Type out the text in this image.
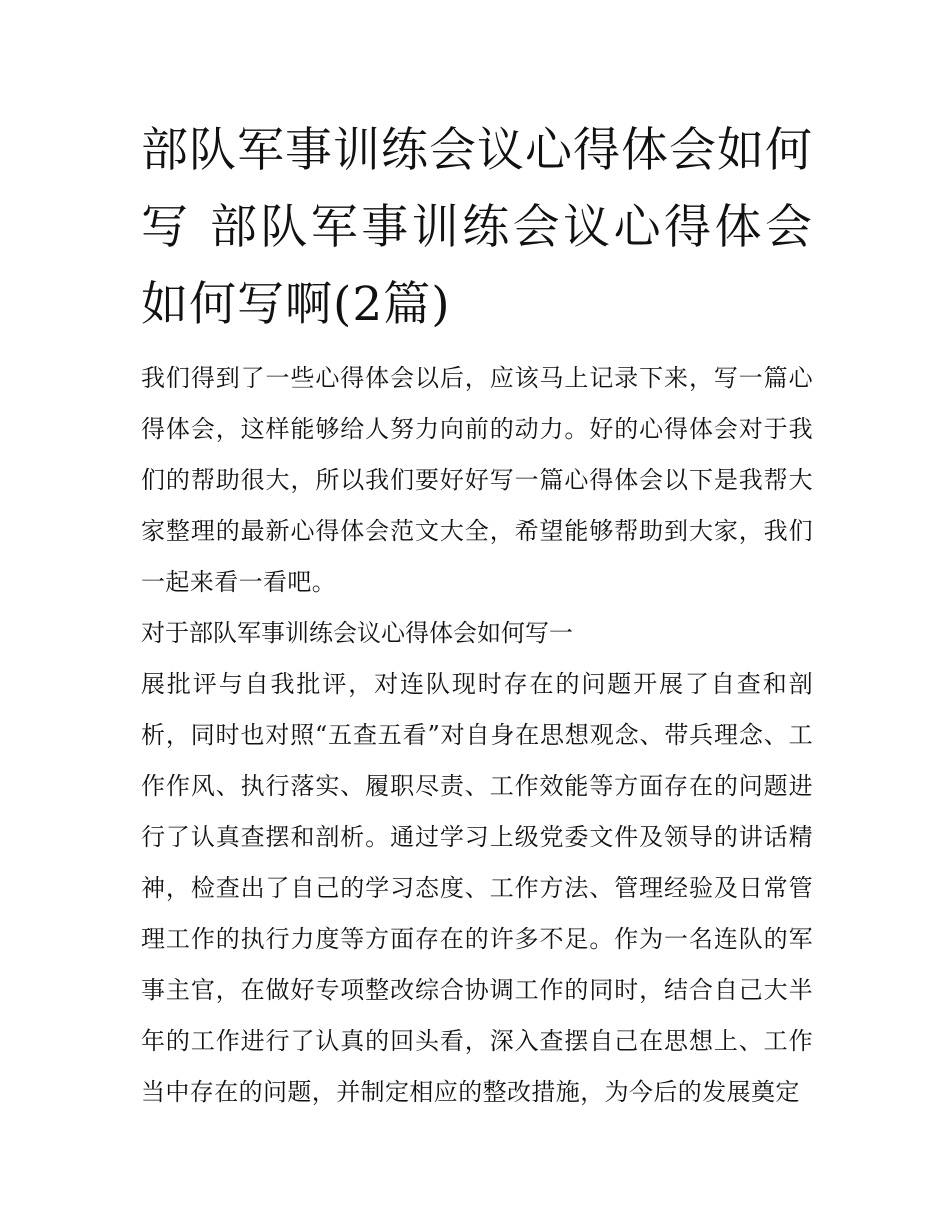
部队军事训练会议心得体会如何写 部队军事训练会议心得体会如何写啊(2篇)

我们得到了一些心得体会以后，应该马上记录下来，写一篇心得体会，这样能够给人努力向前的动力。好的心得体会对于我们的帮助很大，所以我们要好好写一篇心得体会以下是我帮大家整理的最新心得体会范文大全，希望能够帮助到大家，我们一起来看一看吧。

对于部队军事训练会议心得体会如何写一

展批评与自我批评，对连队现时存在的问题开展了自查和剖析，同时也对照“五查五看”对自身在思想观念、带兵理念、工作作风、执行落实、履职尽责、工作效能等方面存在的问题进行了认真查摆和剖析。通过学习上级党委文件及领导的讲话精神，检查出了自己的学习态度、工作方法、管理经验及日常管理工作的执行力度等方面存在的许多不足。作为一名连队的军事主官，在做好专项整改综合协调工作的同时，结合自己大半年的工作进行了认真的回头看，深入查摆自己在思想上、工作当中存在的问题，并制定相应的整改措施，为今后的发展奠定
